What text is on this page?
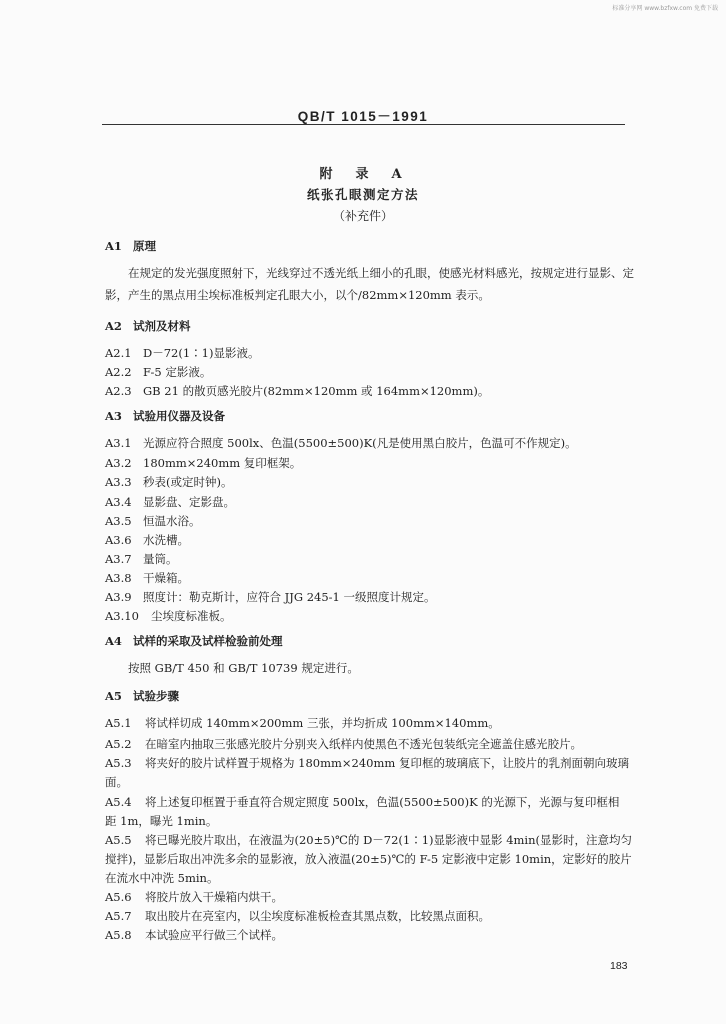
标准分享网 www.bzfxw.com 免费下载
QB/T 1015－1991
附　录　A
纸张孔眼测定方法
（补充件）
A1 原理
在规定的发光强度照射下，光线穿过不透光纸上细小的孔眼，使感光材料感光，按规定进行显影、定
影，产生的黑点用尘埃标准板判定孔眼大小，以个/82mm×120mm 表示。
A2 试剂及材料
A2.1 D－72(1∶1)显影液。
A2.2 F-5 定影液。
A2.3 GB 21 的散页感光胶片(82mm×120mm 或 164mm×120mm)。
A3 试验用仪器及设备
A3.1 光源应符合照度 500lx、色温(5500±500)K(凡是使用黑白胶片，色温可不作规定)。
A3.2 180mm×240mm 复印框架。
A3.3 秒表(或定时钟)。
A3.4 显影盘、定影盘。
A3.5 恒温水浴。
A3.6 水洗槽。
A3.7 量筒。
A3.8 干燥箱。
A3.9 照度计：勒克斯计，应符合 JJG 245-1 一级照度计规定。
A3.10 尘埃度标准板。
A4 试样的采取及试样检验前处理
按照 GB/T 450 和 GB/T 10739 规定进行。
A5 试验步骤
A5.1 将试样切成 140mm×200mm 三张，并均折成 100mm×140mm。
A5.2 在暗室内抽取三张感光胶片分别夹入纸样内使黑色不透光包装纸完全遮盖住感光胶片。
A5.3 将夹好的胶片试样置于规格为 180mm×240mm 复印框的玻璃底下，让胶片的乳剂面朝向玻璃
面。
A5.4 将上述复印框置于垂直符合规定照度 500lx，色温(5500±500)K 的光源下，光源与复印框相
距 1m，曝光 1min。
A5.5 将已曝光胶片取出，在液温为(20±5)℃的 D－72(1∶1)显影液中显影 4min(显影时，注意均匀
搅拌)，显影后取出冲洗多余的显影液，放入液温(20±5)℃的 F-5 定影液中定影 10min，定影好的胶片
在流水中冲洗 5min。
A5.6 将胶片放入干燥箱内烘干。
A5.7 取出胶片在亮室内，以尘埃度标准板检查其黑点数，比较黑点面积。
A5.8 本试验应平行做三个试样。
183
